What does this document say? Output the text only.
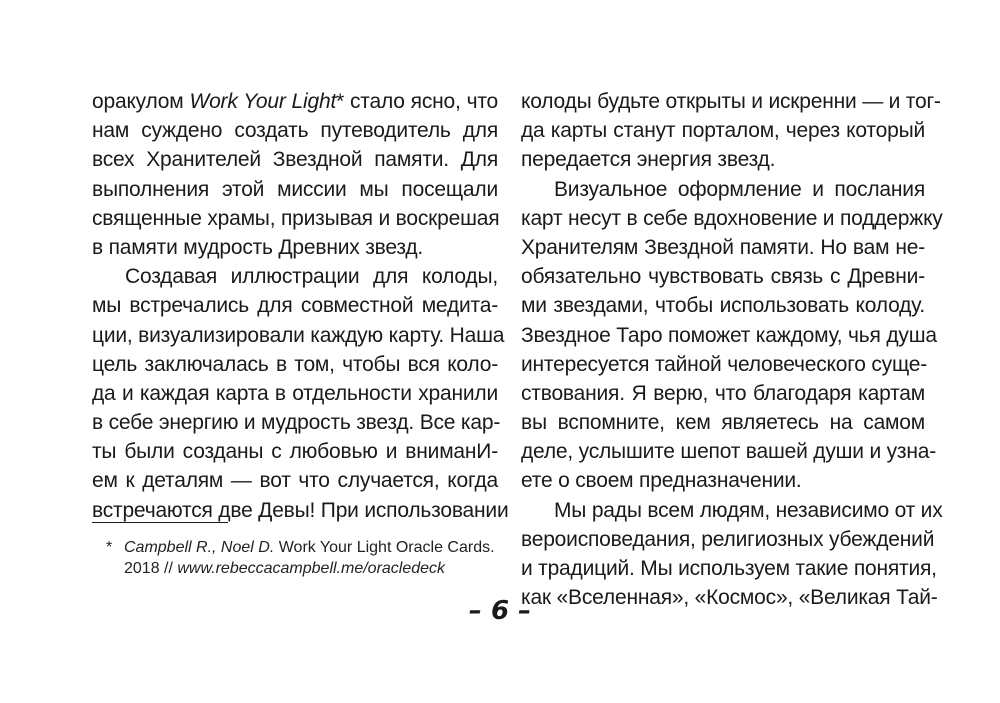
оракулом Work Your Light* стало ясно, что
нам суждено создать путеводитель для
всех Хранителей Звездной памяти. Для
выполнения этой миссии мы посещали
священные храмы, призывая и воскрешая
в памяти мудрость Древних звезд.
Создавая иллюстрации для колоды,
мы встречались для совместной медита-
ции, визуализировали каждую карту. Наша
цель заключалась в том, чтобы вся коло-
да и каждая карта в отдельности хранили
в себе энергию и мудрость звезд. Все кар-
ты были созданы с любовью и вниманИ-
ем к деталям — вот что случается, когда
встречаются две Девы! При использовании
колоды будьте открыты и искренни — и тог-
да карты станут порталом, через который
передается энергия звезд.
Визуальное оформление и послания
карт несут в себе вдохновение и поддержку
Хранителям Звездной памяти. Но вам не-
обязательно чувствовать связь с Древни-
ми звездами, чтобы использовать колоду.
Звездное Таро поможет каждому, чья душа
интересуется тайной человеческого суще-
ствования. Я верю, что благодаря картам
вы вспомните, кем являетесь на самом
деле, услышите шепот вашей души и узна-
ете о своем предназначении.
Мы рады всем людям, независимо от их
вероисповедания, религиозных убеждений
и традиций. Мы используем такие понятия,
как «Вселенная», «Космос», «Великая Тай-
* Campbell R., Noel D. Work Your Light Oracle Cards.
2018 // www.rebeccacampbell.me/oracledeck
– 6 –
